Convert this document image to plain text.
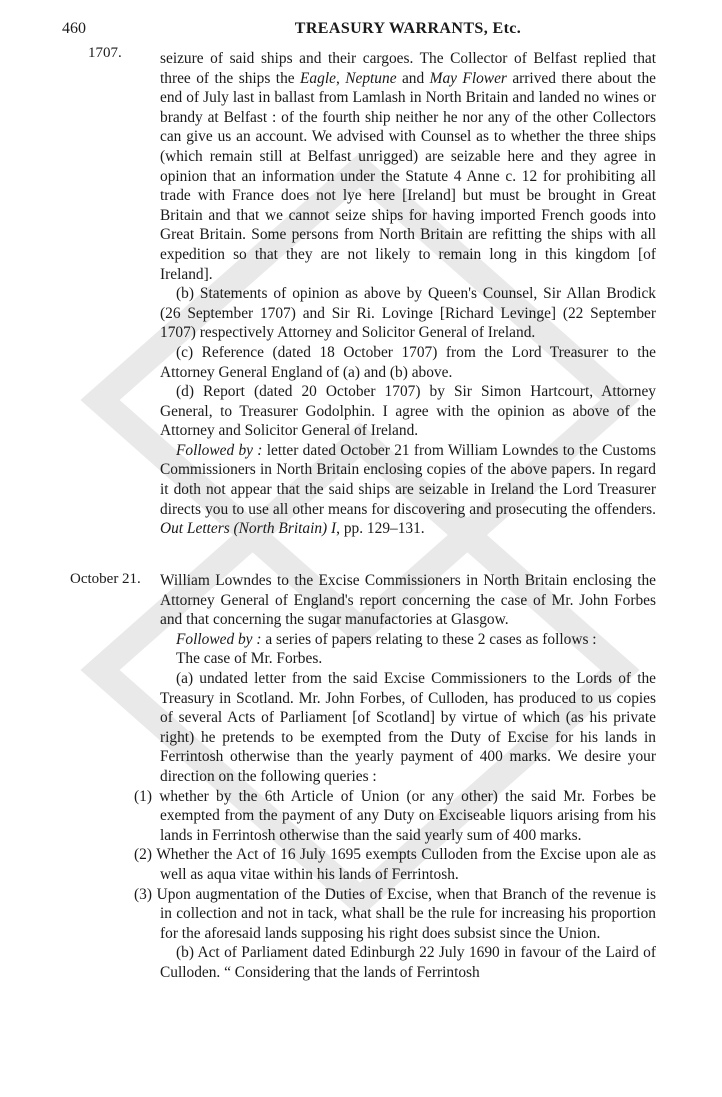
460	TREASURY WARRANTS, Etc.
1707. seizure of said ships and their cargoes. The Collector of Belfast replied that three of the ships the Eagle, Neptune and May Flower arrived there about the end of July last in ballast from Lamlash in North Britain and landed no wines or brandy at Belfast : of the fourth ship neither he nor any of the other Collectors can give us an account. We advised with Counsel as to whether the three ships (which remain still at Belfast unrigged) are seizable here and they agree in opinion that an information under the Statute 4 Anne c. 12 for prohibiting all trade with France does not lye here [Ireland] but must be brought in Great Britain and that we cannot seize ships for having imported French goods into Great Britain. Some persons from North Britain are refitting the ships with all expedition so that they are not likely to remain long in this kingdom [of Ireland].

(b) Statements of opinion as above by Queen's Counsel, Sir Allan Brodick (26 September 1707) and Sir Ri. Lovinge [Richard Levinge] (22 September 1707) respectively Attorney and Solicitor General of Ireland.

(c) Reference (dated 18 October 1707) from the Lord Treasurer to the Attorney General England of (a) and (b) above.

(d) Report (dated 20 October 1707) by Sir Simon Hartcourt, Attorney General, to Treasurer Godolphin. I agree with the opinion as above of the Attorney and Solicitor General of Ireland.

Followed by : letter dated October 21 from William Lowndes to the Customs Commissioners in North Britain enclosing copies of the above papers. In regard it doth not appear that the said ships are seizable in Ireland the Lord Treasurer directs you to use all other means for discovering and prosecuting the offenders. Out Letters (North Britain) I, pp. 129–131.

October 21. William Lowndes to the Excise Commissioners in North Britain enclosing the Attorney General of England's report concerning the case of Mr. John Forbes and that concerning the sugar manufactories at Glasgow.

Followed by : a series of papers relating to these 2 cases as follows :

The case of Mr. Forbes.

(a) undated letter from the said Excise Commissioners to the Lords of the Treasury in Scotland. Mr. John Forbes, of Culloden, has produced to us copies of several Acts of Parliament [of Scotland] by virtue of which (as his private right) he pretends to be exempted from the Duty of Excise for his lands in Ferrintosh otherwise than the yearly payment of 400 marks. We desire your direction on the following queries :

(1) whether by the 6th Article of Union (or any other) the said Mr. Forbes be exempted from the payment of any Duty on Exciseable liquors arising from his lands in Ferrintosh otherwise than the said yearly sum of 400 marks.

(2) Whether the Act of 16 July 1695 exempts Culloden from the Excise upon ale as well as aqua vitae within his lands of Ferrintosh.

(3) Upon augmentation of the Duties of Excise, when that Branch of the revenue is in collection and not in tack, what shall be the rule for increasing his proportion for the aforesaid lands supposing his right does subsist since the Union.

(b) Act of Parliament dated Edinburgh 22 July 1690 in favour of the Laird of Culloden. “ Considering that the lands of Ferrintosh
